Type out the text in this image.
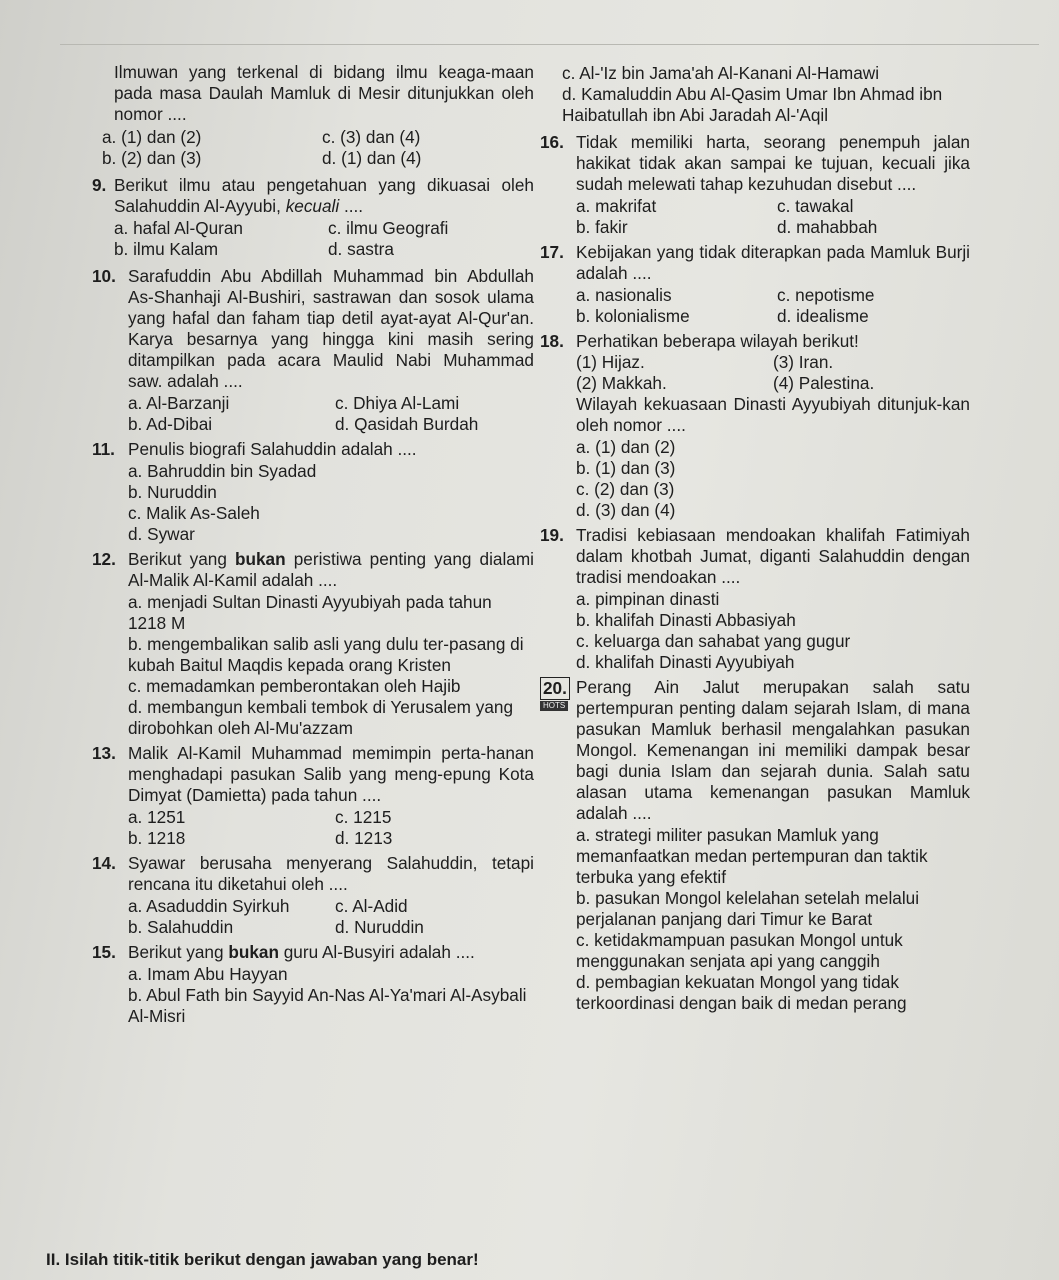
Ilmuwan yang terkenal di bidang ilmu keaga-maan pada masa Daulah Mamluk di Mesir ditunjukkan oleh nomor ....
a. (1) dan (2)	c. (3) dan (4)
b. (2) dan (3)	d. (1) dan (4)
9. Berikut ilmu atau pengetahuan yang dikuasai oleh Salahuddin Al-Ayyubi, kecuali ....
a. hafal Al-Quran	c. ilmu Geografi
b. ilmu Kalam	d. sastra
10. Sarafuddin Abu Abdillah Muhammad bin Abdullah As-Shanhaji Al-Bushiri, sastrawan dan sosok ulama yang hafal dan faham tiap detil ayat-ayat Al-Qur'an. Karya besarnya yang hingga kini masih sering ditampilkan pada acara Maulid Nabi Muhammad saw. adalah ....
a. Al-Barzanji	c. Dhiya Al-Lami
b. Ad-Dibai	d. Qasidah Burdah
11. Penulis biografi Salahuddin adalah ....
a. Bahruddin bin Syadad
b. Nuruddin
c. Malik As-Saleh
d. Sywar
12. Berikut yang bukan peristiwa penting yang dialami Al-Malik Al-Kamil adalah ....
a. menjadi Sultan Dinasti Ayyubiyah pada tahun 1218 M
b. mengembalikan salib asli yang dulu ter-pasang di kubah Baitul Maqdis kepada orang Kristen
c. memadamkan pemberontakan oleh Hajib
d. membangun kembali tembok di Yerusalem yang dirobohkan oleh Al-Mu'azzam
13. Malik Al-Kamil Muhammad memimpin perta-hanan menghadapi pasukan Salib yang meng-epung Kota Dimyat (Damietta) pada tahun ....
a. 1251	c. 1215
b. 1218	d. 1213
14. Syawar berusaha menyerang Salahuddin, tetapi rencana itu diketahui oleh ....
a. Asaduddin Syirkuh	c. Al-Adid
b. Salahuddin	d. Nuruddin
15. Berikut yang bukan guru Al-Busyiri adalah ....
a. Imam Abu Hayyan
b. Abul Fath bin Sayyid An-Nas Al-Ya'mari Al-Asybali Al-Misri
c. Al-'Iz bin Jama'ah Al-Kanani Al-Hamawi
d. Kamaluddin Abu Al-Qasim Umar Ibn Ahmad ibn Haibatullah ibn Abi Jaradah Al-'Aqil
16. Tidak memiliki harta, seorang penempuh jalan hakikat tidak akan sampai ke tujuan, kecuali jika sudah melewati tahap kezuhudan disebut ....
a. makrifat	c. tawakal
b. fakir	d. mahabbah
17. Kebijakan yang tidak diterapkan pada Mamluk Burji adalah ....
a. nasionalis	c. nepotisme
b. kolonialisme	d. idealisme
18. Perhatikan beberapa wilayah berikut!
(1) Hijaz.	(3) Iran.
(2) Makkah.	(4) Palestina.
Wilayah kekuasaan Dinasti Ayyubiyah ditunjuk-kan oleh nomor ....
a. (1) dan (2)
b. (1) dan (3)
c. (2) dan (3)
d. (3) dan (4)
19. Tradisi kebiasaan mendoakan khalifah Fatimiyah dalam khotbah Jumat, diganti Salahuddin dengan tradisi mendoakan ....
a. pimpinan dinasti
b. khalifah Dinasti Abbasiyah
c. keluarga dan sahabat yang gugur
d. khalifah Dinasti Ayyubiyah
20.
HOTS
Perang Ain Jalut merupakan salah satu pertempuran penting dalam sejarah Islam, di mana pasukan Mamluk berhasil mengalahkan pasukan Mongol. Kemenangan ini memiliki dampak besar bagi dunia Islam dan sejarah dunia. Salah satu alasan utama kemenangan pasukan Mamluk adalah ....
a. strategi militer pasukan Mamluk yang memanfaatkan medan pertempuran dan taktik terbuka yang efektif
b. pasukan Mongol kelelahan setelah melalui perjalanan panjang dari Timur ke Barat
c. ketidakmampuan pasukan Mongol untuk menggunakan senjata api yang canggih
d. pembagian kekuatan Mongol yang tidak terkoordinasi dengan baik di medan perang
II. Isilah titik-titik berikut dengan jawaban yang benar!
